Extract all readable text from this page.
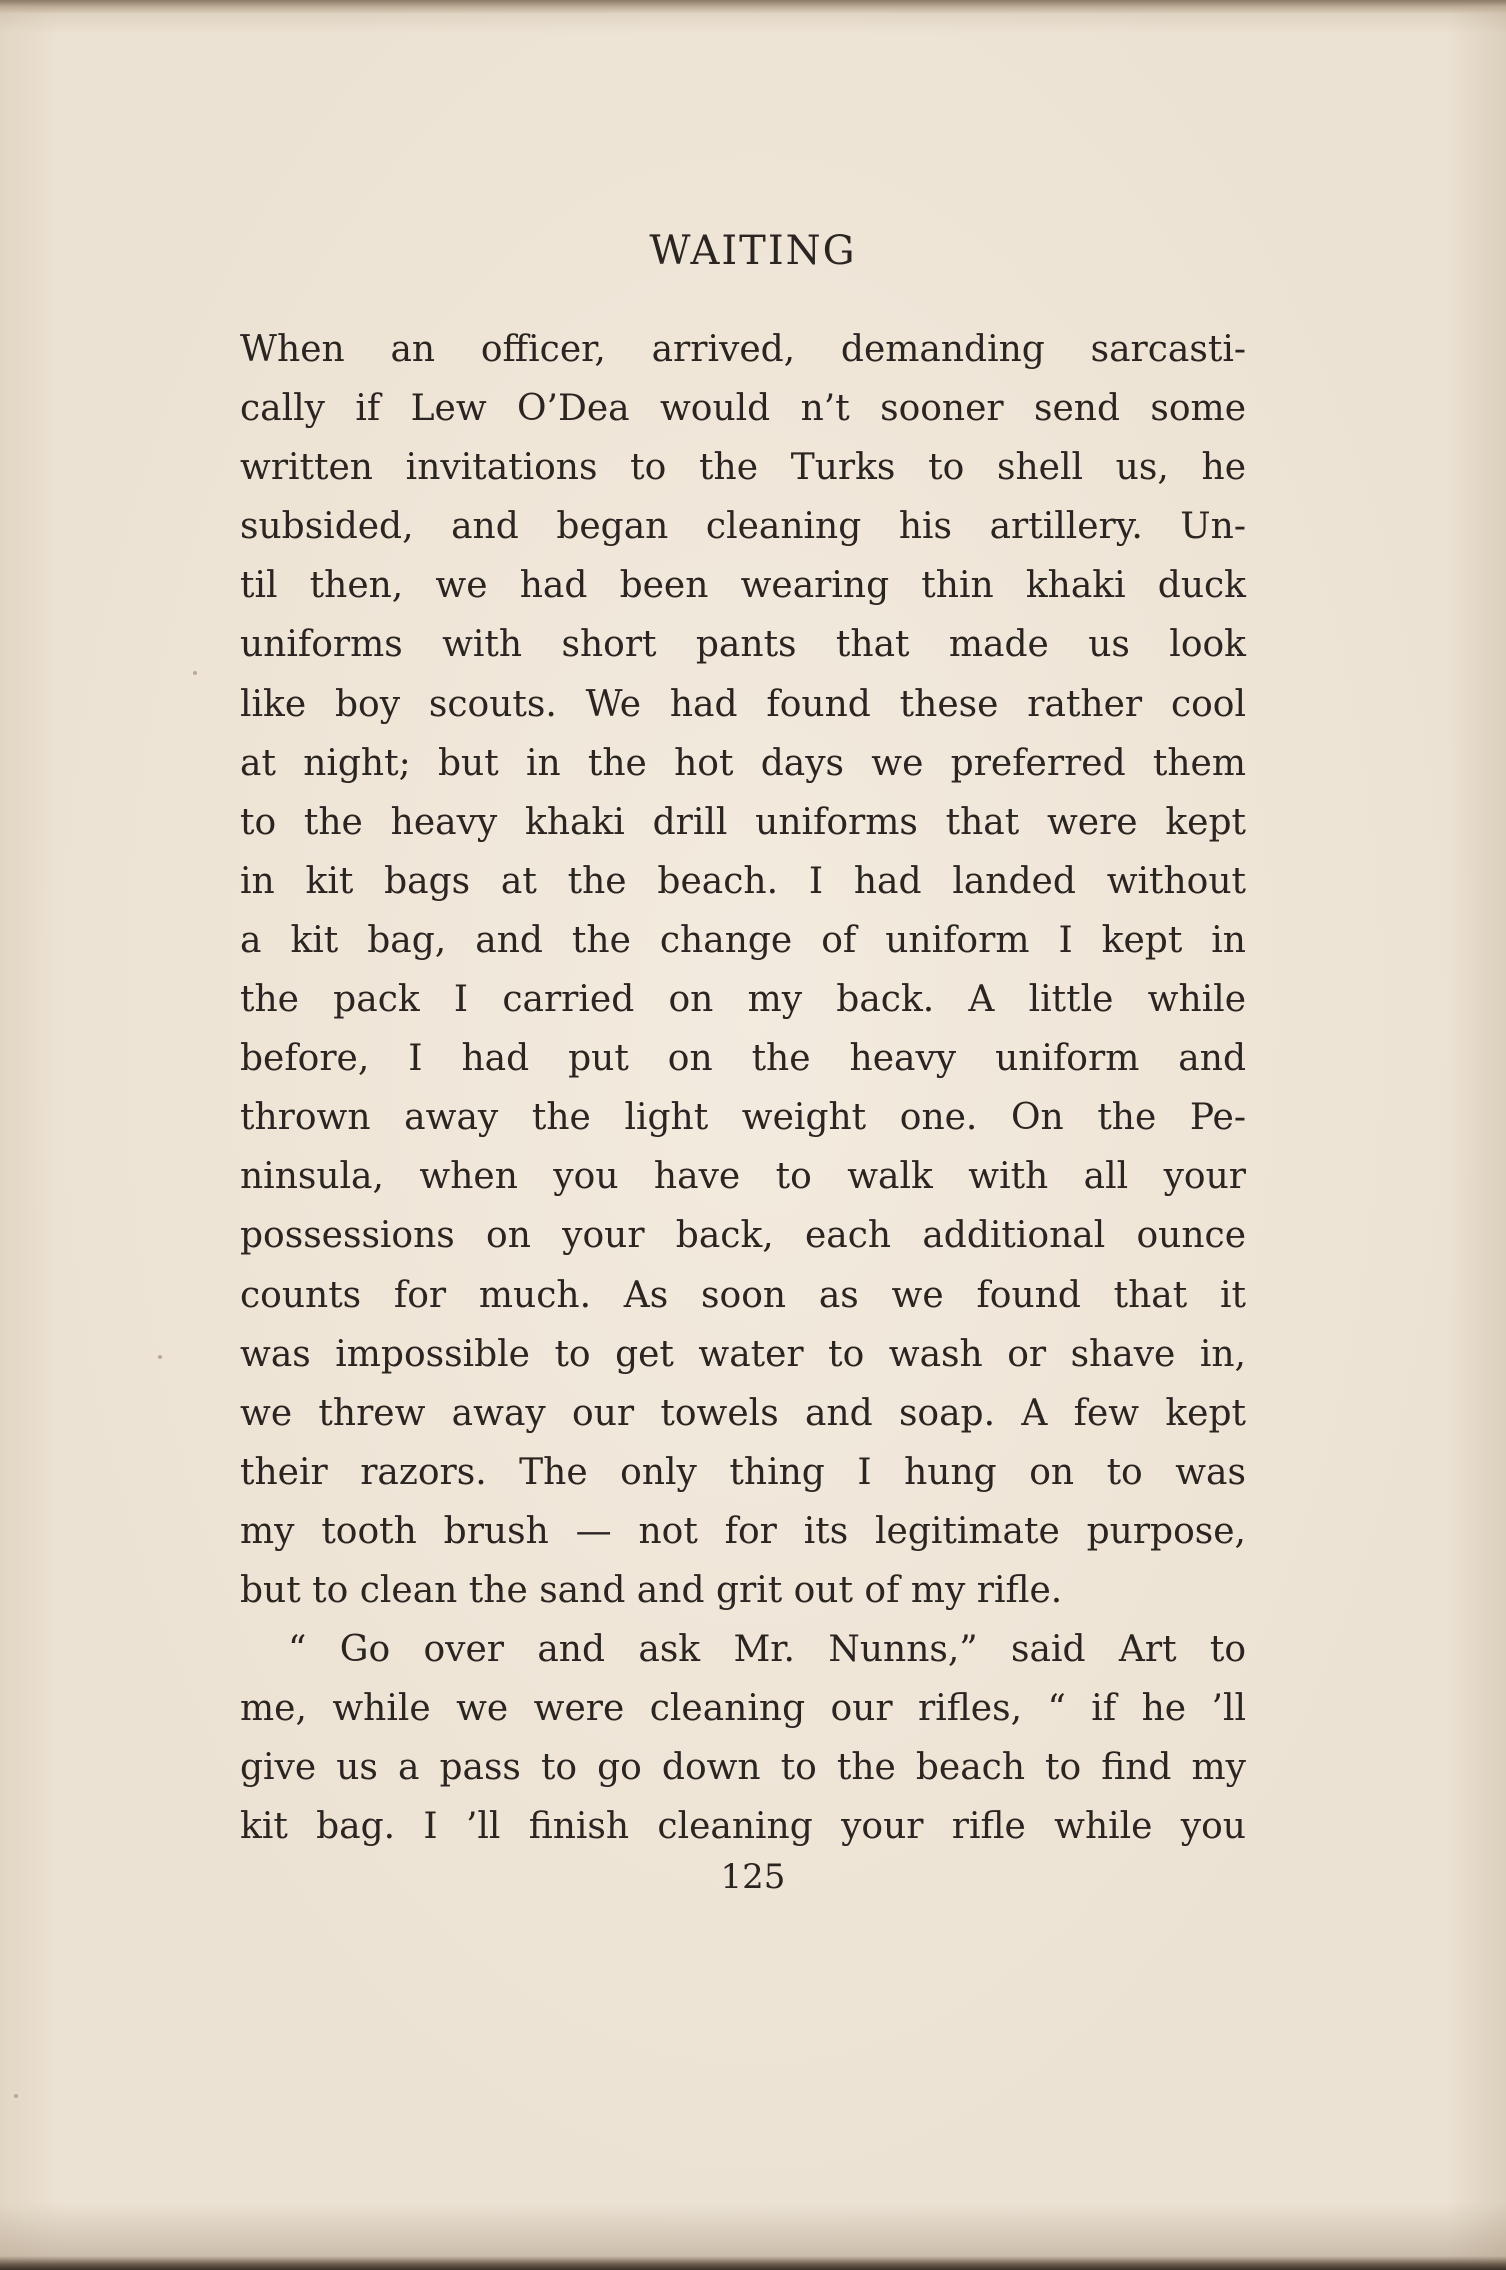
WAITING
When an officer, arrived, demanding sarcasti-
cally if Lew O’Dea would n’t sooner send some
written invitations to the Turks to shell us, he
subsided, and began cleaning his artillery. Un-
til then, we had been wearing thin khaki duck
uniforms with short pants that made us look
like boy scouts. We had found these rather cool
at night; but in the hot days we preferred them
to the heavy khaki drill uniforms that were kept
in kit bags at the beach. I had landed without
a kit bag, and the change of uniform I kept in
the pack I carried on my back. A little while
before, I had put on the heavy uniform and
thrown away the light weight one. On the Pe-
ninsula, when you have to walk with all your
possessions on your back, each additional ounce
counts for much. As soon as we found that it
was impossible to get water to wash or shave in,
we threw away our towels and soap. A few kept
their razors. The only thing I hung on to was
my tooth brush — not for its legitimate purpose,
but to clean the sand and grit out of my rifle.
“ Go over and ask Mr. Nunns,” said Art to
me, while we were cleaning our rifles, “ if he ’ll
give us a pass to go down to the beach to find my
kit bag. I ’ll finish cleaning your rifle while you
125
